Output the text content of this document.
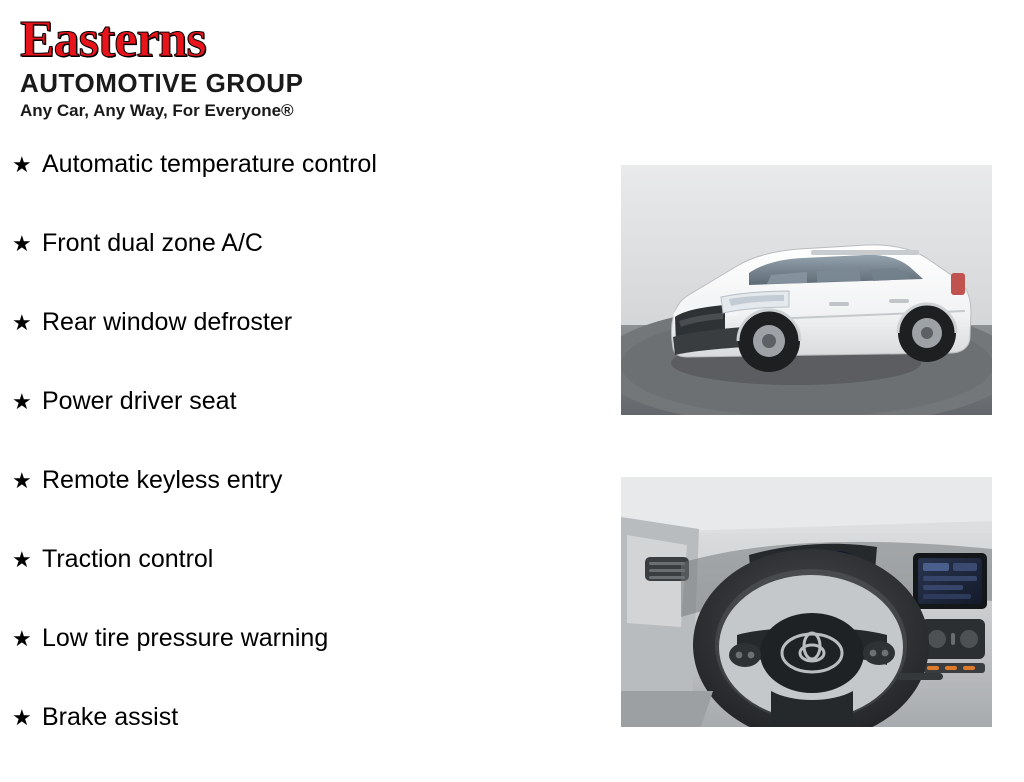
Easterns
AUTOMOTIVE GROUP
Any Car, Any Way, For Everyone®
★ Automatic temperature control
★ Front dual zone A/C
★ Rear window defroster
★ Power driver seat
★ Remote keyless entry
★ Traction control
★ Low tire pressure warning
★ Brake assist
